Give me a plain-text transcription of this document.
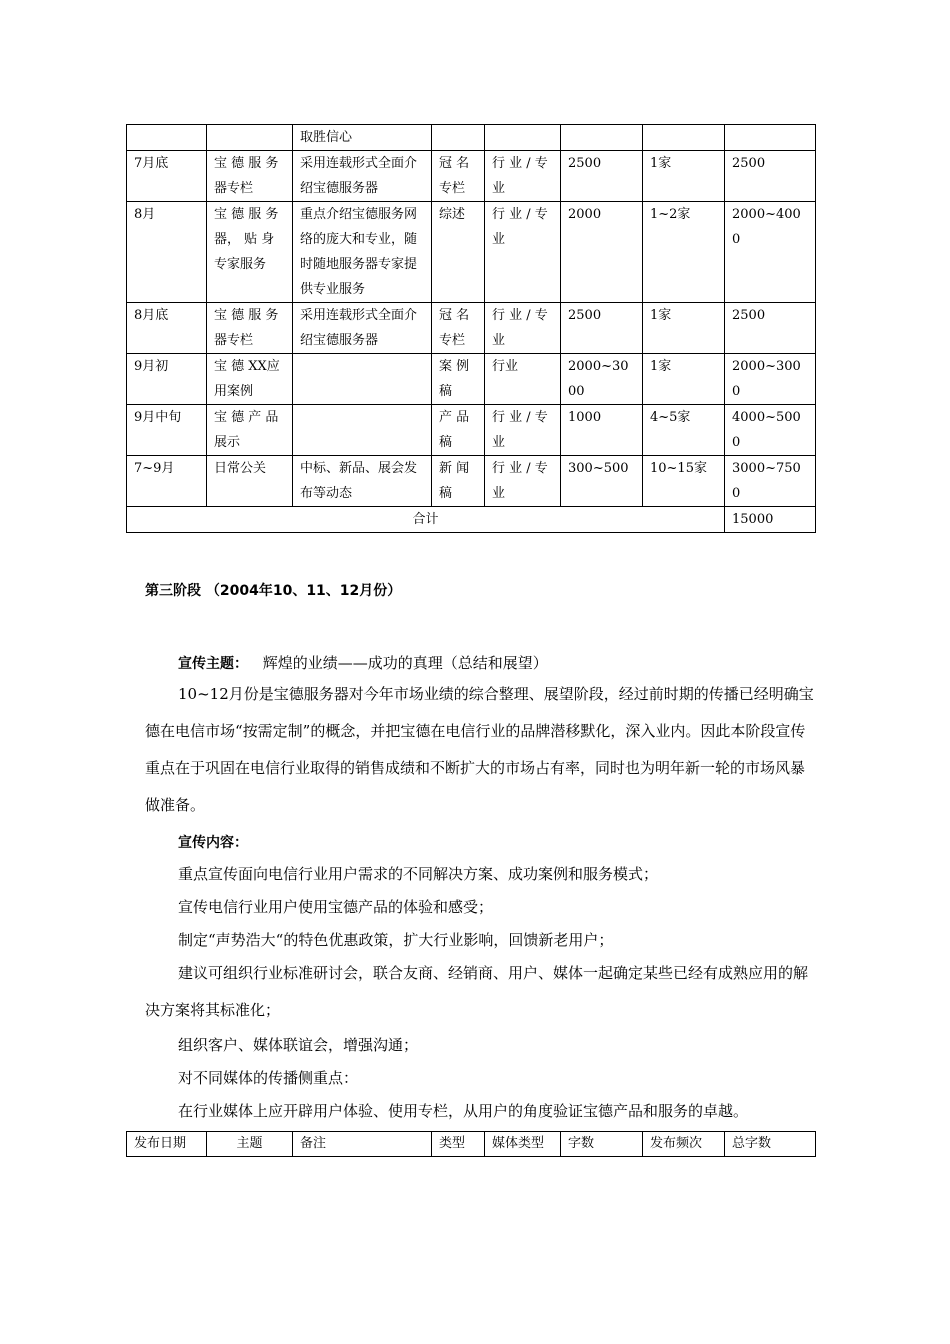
		取胜信心					
7月底	宝 德 服 务器专栏	采用连载形式全面介绍宝德服务器	冠 名专栏	行 业 / 专业	2500	1家	2500
8月	宝 德 服 务器， 贴 身专家服务	重点介绍宝德服务网络的庞大和专业，随时随地服务器专家提供专业服务	综述	行 业 / 专业	2000	1~2家	2000~4000
8月底	宝 德 服 务器专栏	采用连载形式全面介绍宝德服务器	冠 名专栏	行 业 / 专业	2500	1家	2500
9月初	宝 德 XX应用案例		案 例稿	行业	2000~3000	1家	2000~3000
9月中旬	宝 德 产 品展示		产 品稿	行 业 / 专业	1000	4~5家	4000~5000
7~9月	日常公关	中标、新品、展会发布等动态	新 闻稿	行 业 / 专业	300~500	10~15家	3000~7500
合计							15000
第三阶段 （2004年10、11、12月份）
宣传主题： 辉煌的业绩——成功的真理（总结和展望）

10~12月份是宝德服务器对今年市场业绩的综合整理、展望阶段，经过前时期的传播已经明确宝德在电信市场“按需定制”的概念，并把宝德在电信行业的品牌潜移默化，深入业内。因此本阶段宣传重点在于巩固在电信行业取得的销售成绩和不断扩大的市场占有率，同时也为明年新一轮的市场风暴做准备。

宣传内容：
重点宣传面向电信行业用户需求的不同解决方案、成功案例和服务模式；
宣传电信行业用户使用宝德产品的体验和感受；
制定“声势浩大“的特色优惠政策，扩大行业影响，回馈新老用户；

建议可组织行业标准研讨会，联合友商、经销商、用户、媒体一起确定某些已经有成熟应用的解决方案将其标准化；

组织客户、媒体联谊会，增强沟通；
对不同媒体的传播侧重点：
在行业媒体上应开辟用户体验、使用专栏，从用户的角度验证宝德产品和服务的卓越。
发布日期	主题	备注	类型	媒体类型	字数	发布频次	总字数
